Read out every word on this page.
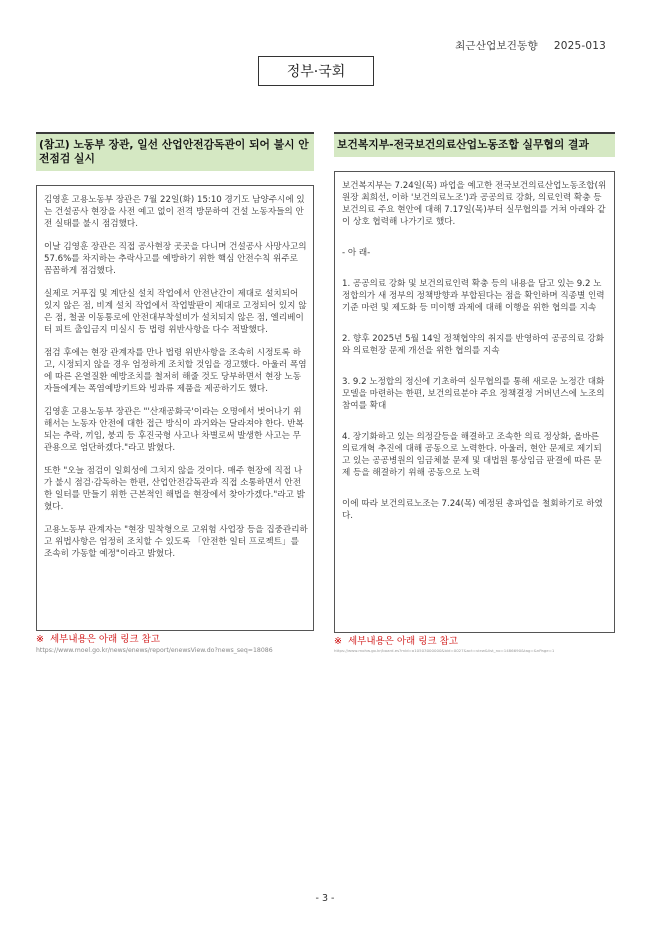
최근산업보건동향 2025-013
정부·국회
(참고) 노동부 장관, 일선 산업안전감독관이 되어 불시 안전점검 실시

김영훈 고용노동부 장관은 7월 22일(화) 15:10 경기도 남양주시에 있는 건설공사 현장을 사전 예고 없이 전격 방문하여 건설 노동자들의 안전 실태를 불시 점검했다.

이날 김영훈 장관은 직접 공사현장 곳곳을 다니며 건설공사 사망사고의 57.6%를 차지하는 추락사고를 예방하기 위한 핵심 안전수칙 위주로 꼼꼼하게 점검했다.

실제로 거푸집 및 계단실 설치 작업에서 안전난간이 제대로 설치되어 있지 않은 점, 비계 설치 작업에서 작업발판이 제대로 고정되어 있지 않은 점, 철골 이동통로에 안전대부착설비가 설치되지 않은 점, 엘리베이터 피트 출입금지 미실시 등 법령 위반사항을 다수 적발했다.

점검 후에는 현장 관계자를 만나 법령 위반사항을 조속히 시정토록 하고, 시정되지 않을 경우 엄정하게 조치할 것임을 경고했다. 아울러 폭염에 따른 온열질환 예방조치를 철저히 해줄 것도 당부하면서 현장 노동자들에게는 폭염예방키트와 빙과류 제품을 제공하기도 했다.

김영훈 고용노동부 장관은 "'산재공화국'이라는 오명에서 벗어나기 위해서는 노동자 안전에 대한 접근 방식이 과거와는 달라져야 한다. 반복되는 추락, 끼임, 붕괴 등 후진국형 사고나 차별로써 발생한 사고는 무관용으로 엄단하겠다."라고 밝혔다.

또한 "오늘 점검이 일회성에 그치지 않을 것이다. 매주 현장에 직접 나가 불시 점검·감독하는 한편, 산업안전감독관과 직접 소통하면서 안전한 일터를 만들기 위한 근본적인 해법을 현장에서 찾아가겠다."라고 밝혔다.

고용노동부 관계자는 "현장 밀착형으로 고위험 사업장 등을 집중관리하고 위법사항은 엄정히 조치할 수 있도록 「안전한 일터 프로젝트」를 조속히 가동할 예정"이라고 밝혔다.

※ 세부내용은 아래 링크 참고
https://www.moel.go.kr/news/enews/report/enewsView.do?news_seq=18086
보건복지부-전국보건의료산업노동조합 실무협의 결과

보건복지부는 7.24일(목) 파업을 예고한 전국보건의료산업노동조합(위원장 최희선, 이하 '보건의료노조')과 공공의료 강화, 의료인력 확충 등 보건의료 주요 현안에 대해 7.17일(목)부터 실무협의를 거쳐 아래와 같이 상호 협력해 나가기로 했다.

- 아 래-

1. 공공의료 강화 및 보건의료인력 확충 등의 내용을 담고 있는 9.2 노정합의가 새 정부의 정책방향과 부합된다는 점을 확인하며 직종별 인력기준 마련 및 제도화 등 미이행 과제에 대해 이행을 위한 협의를 지속

2. 향후 2025년 5월 14일 정책협약의 취지를 반영하여 공공의료 강화와 의료현장 문제 개선을 위한 협의를 지속

3. 9.2 노정합의 정신에 기초하여 실무협의를 통해 새로운 노정간 대화 모델을 마련하는 한편, 보건의료분야 주요 정책결정 거버넌스에 노조의 참여를 확대

4. 장기화하고 있는 의정갈등을 해결하고 조속한 의료 정상화, 올바른 의료개혁 추진에 대해 공동으로 노력한다. 아울러, 현안 문제로 제기되고 있는 공공병원의 임금체불 문제 및 대법원 통상임금 판결에 따른 문제 등을 해결하기 위해 공동으로 노력

이에 따라 보건의료노조는 7.24(목) 예정된 총파업을 철회하기로 하였다.

※ 세부내용은 아래 링크 참고
https://www.mohw.go.kr/board.es?mid=a10503000000&bid=0027&act=view&list_no=1486690&tag=&nPage=1
- 3 -
